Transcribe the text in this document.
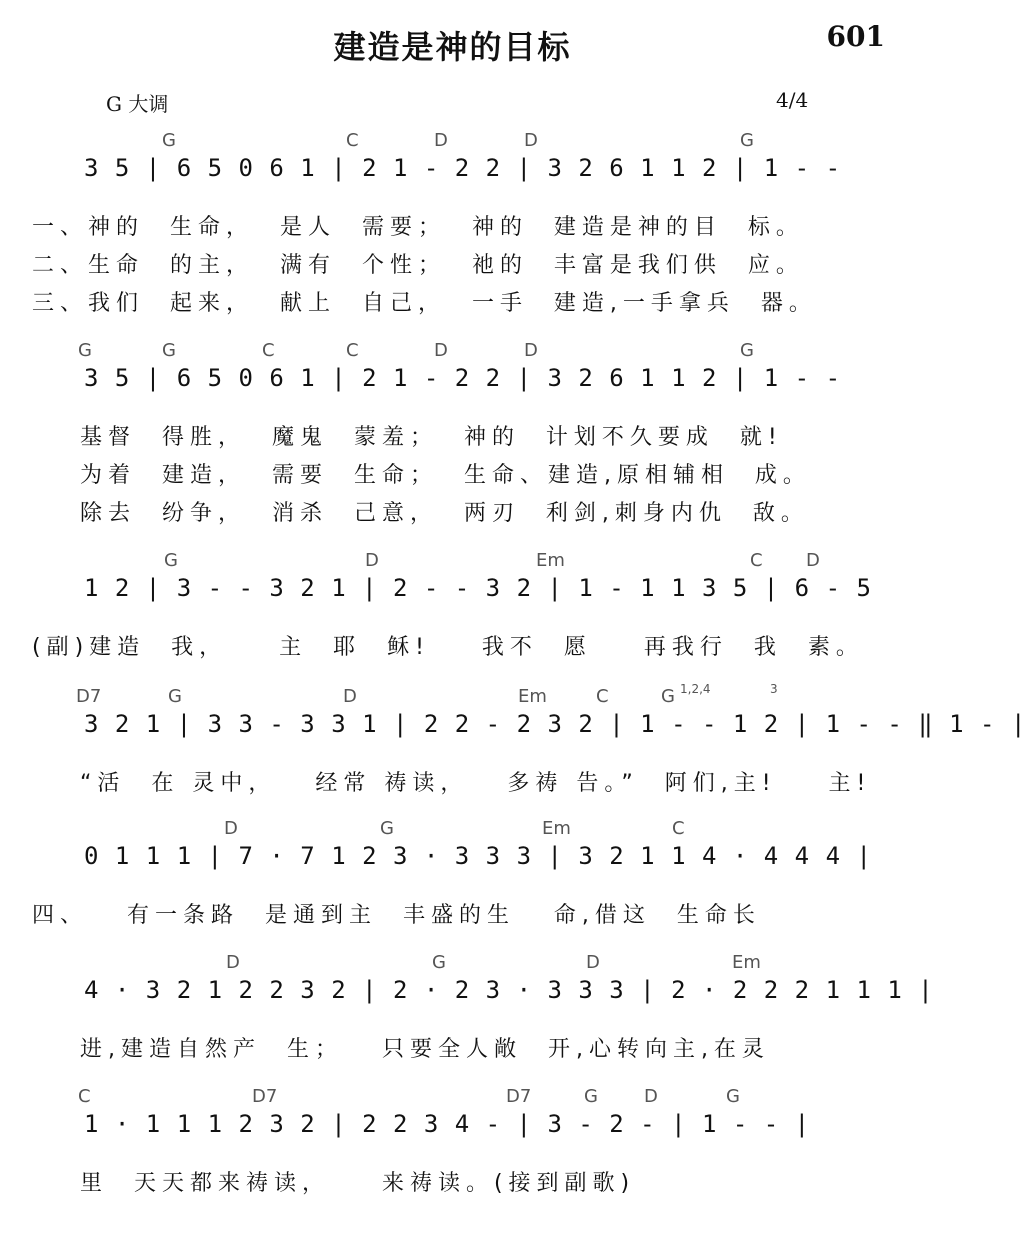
建造是神的目标	601
G 大调	4/4
G	C	D	D	G
3 5 | 6 5 0 6 1 | 2 1 - 2 2 | 3 2 6 1 1 2 | 1 - -
一、神的  生命，  是人  需要；  神的  建造是神的目  标。
二、生命  的主，  满有  个性；  祂的  丰富是我们供  应。
三、我们  起来，  献上  自己，  一手  建造,一手拿兵  器。
G	G	C	C	D	D	G
3 5 | 6 5 0 6 1 | 2 1 - 2 2 | 3 2 6 1 1 2 | 1 - -
基督  得胜，  魔鬼  蒙羞；  神的  计划不久要成  就!
为着  建造，  需要  生命；  生命、建造,原相辅相  成。
除去  纷争，  消杀  己意，  两刃  利剑,刺身内仇  敌。
G	D	Em	C D
1 2 | 3 - - 3 2 1 | 2 - - 3 2 | 1 - 1 1 3 5 | 6 - 5
(副)建造  我，    主  耶  稣!    我不  愿    再我行  我  素。
D7	G	D	Em	C	G 1,2,4	3
3 2 1 | 3 3 - 3 3 1 | 2 2 - 2 3 2 | 1 - - 1 2 | 1 - - ‖ 1 - |
“活  在 灵中，   经常 祷读，   多祷 告。”  阿们,主!    主!
D	G	Em	C
0 1 1 1 | 7 · 7 1 2 3 · 3 3 3 | 3 2 1 1 4 · 4 4 4 |
四、   有一条路  是通到主  丰盛的生   命,借这  生命长
D	G	D	Em
4 · 3 2 1 2 2 3 2 | 2 · 2 3 · 3 3 3 | 2 · 2 2 2 1 1 1 |
进,建造自然产  生；   只要全人敞  开,心转向主,在灵
C	D7	D7	G	D	G
1 · 1 1 1 2 3 2 | 2 2 3 4 - | 3 - 2 - | 1 - - |
里  天天都来祷读，    来祷读。(接到副歌)
